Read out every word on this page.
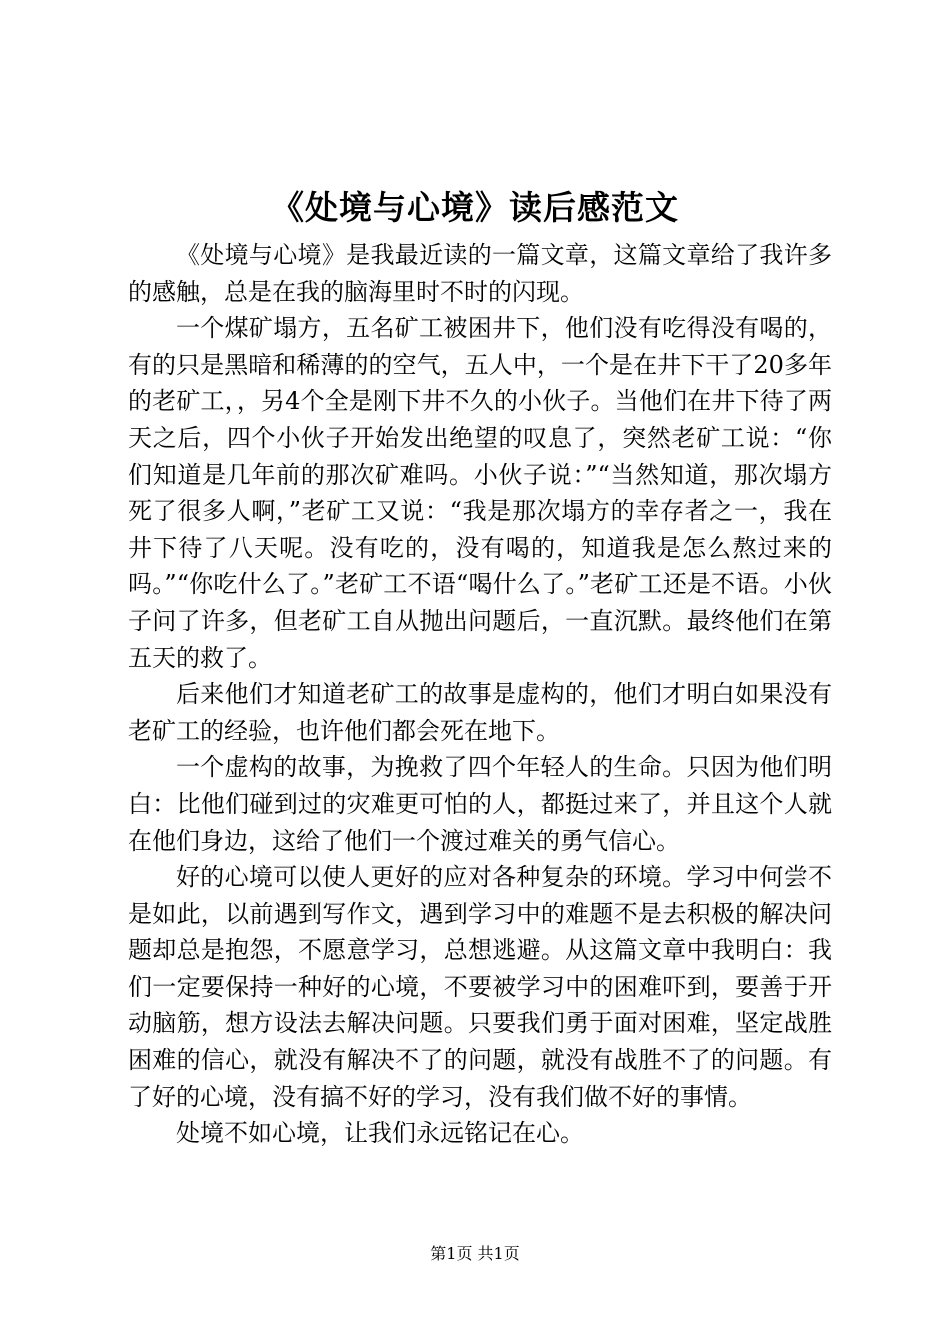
《处境与心境》读后感范文

《处境与心境》是我最近读的一篇文章，这篇文章给了我许多的感触，总是在我的脑海里时不时的闪现。

一个煤矿塌方，五名矿工被困井下，他们没有吃得没有喝的，有的只是黑暗和稀薄的的空气，五人中，一个是在井下干了20多年的老矿工，，另4个全是刚下井不久的小伙子。当他们在井下待了两天之后，四个小伙子开始发出绝望的叹息了，突然老矿工说：“你们知道是几年前的那次矿难吗。小伙子说：”“当然知道，那次塌方死了很多人啊，”老矿工又说：“我是那次塌方的幸存者之一，我在井下待了八天呢。没有吃的，没有喝的，知道我是怎么熬过来的吗。”“你吃什么了。”老矿工不语“喝什么了。”老矿工还是不语。小伙子问了许多，但老矿工自从抛出问题后，一直沉默。最终他们在第五天的救了。

后来他们才知道老矿工的故事是虚构的，他们才明白如果没有老矿工的经验，也许他们都会死在地下。

一个虚构的故事，为挽救了四个年轻人的生命。只因为他们明白：比他们碰到过的灾难更可怕的人，都挺过来了，并且这个人就在他们身边，这给了他们一个渡过难关的勇气信心。

好的心境可以使人更好的应对各种复杂的环境。学习中何尝不是如此，以前遇到写作文，遇到学习中的难题不是去积极的解决问题却总是抱怨，不愿意学习，总想逃避。从这篇文章中我明白：我们一定要保持一种好的心境，不要被学习中的困难吓到，要善于开动脑筋，想方设法去解决问题。只要我们勇于面对困难，坚定战胜困难的信心，就没有解决不了的问题，就没有战胜不了的问题。有了好的心境，没有搞不好的学习，没有我们做不好的事情。

处境不如心境，让我们永远铭记在心。

第1页 共1页
